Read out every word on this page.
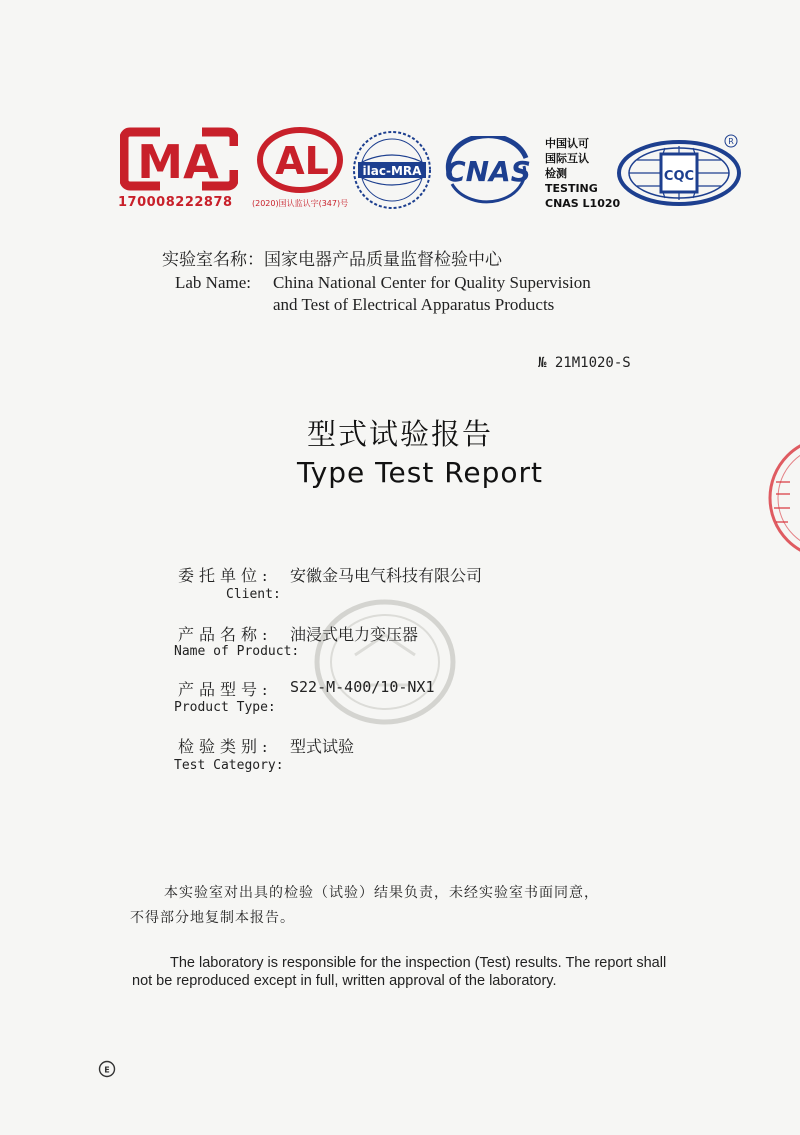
MA
170008222878
AL
(2020)国认监认字(347)号
ilac-MRA CNAS
中国认可
国际互认
检测
TESTING
CNAS L1020
CQC
R
实验室名称：国家电器产品质量监督检验中心
Lab Name: China National Center for Quality Supervision
and Test of Electrical Apparatus Products
№ 21M1020-S
型式试验报告
Type Test Report
委托单位: 安徽金马电气科技有限公司
Client:
产品名称: 油浸式电力变压器
Name of Product:
产品型号: S22-M-400/10-NX1
Product Type:
检验类别: 型式试验
Test Category:
本实验室对出具的检验（试验）结果负责，未经实验室书面同意，
不得部分地复制本报告。
The laboratory is responsible for the inspection (Test) results. The report shall
not be reproduced except in full, written approval of the laboratory.
E
